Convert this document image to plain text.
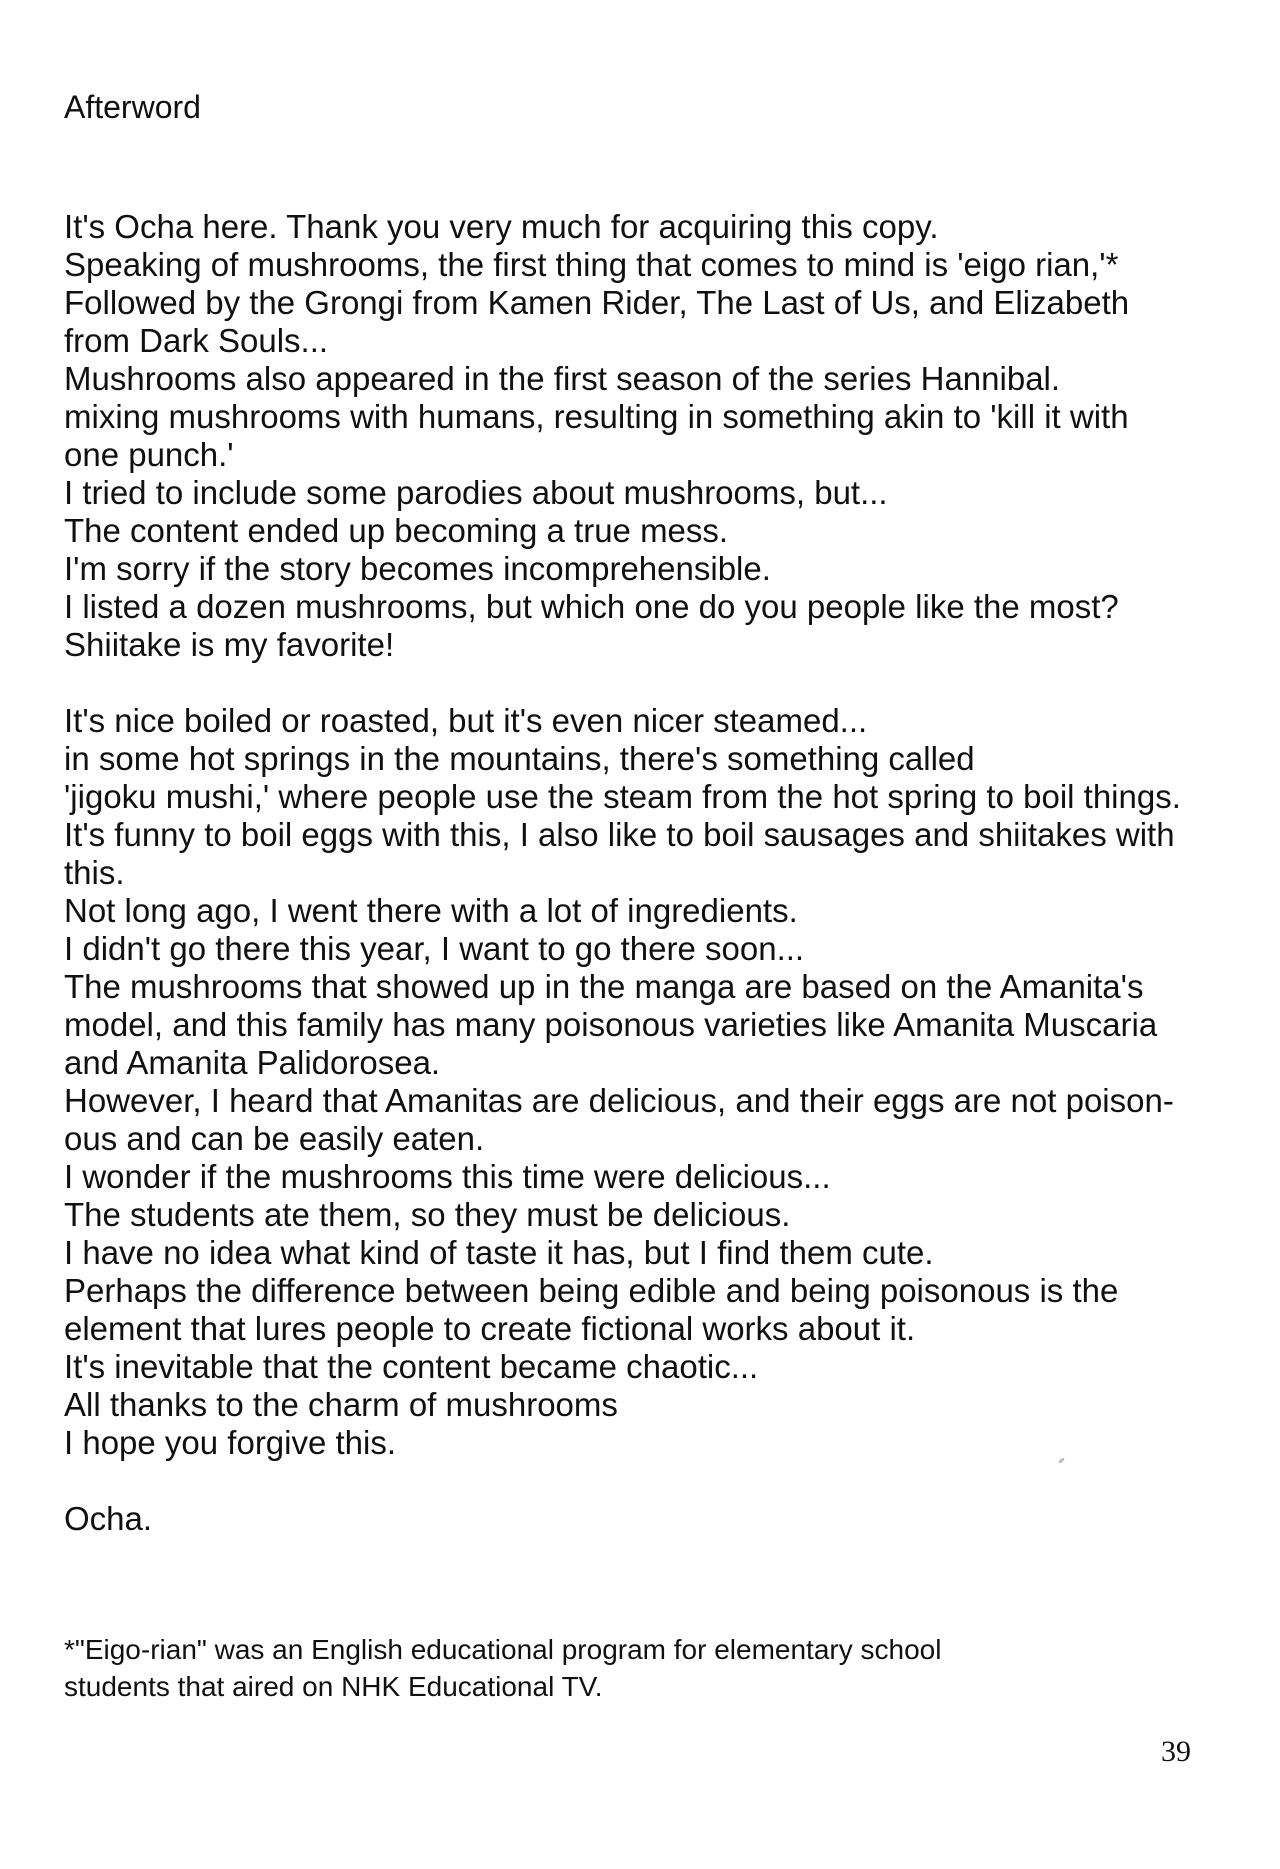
Afterword
It's Ocha here. Thank you very much for acquiring this copy.
Speaking of mushrooms, the first thing that comes to mind is 'eigo rian,'*
Followed by the Grongi from Kamen Rider, The Last of Us, and Elizabeth
from Dark Souls...
Mushrooms also appeared in the first season of the series Hannibal.
mixing mushrooms with humans, resulting in something akin to 'kill it with
one punch.'
I tried to include some parodies about mushrooms, but...
The content ended up becoming a true mess.
I'm sorry if the story becomes incomprehensible.
I listed a dozen mushrooms, but which one do you people like the most?
Shiitake is my favorite!
It's nice boiled or roasted, but it's even nicer steamed...
in some hot springs in the mountains, there's something called
'jigoku mushi,' where people use the steam from the hot spring to boil things.
It's funny to boil eggs with this, I also like to boil sausages and shiitakes with
this.
Not long ago, I went there with a lot of ingredients.
I didn't go there this year, I want to go there soon...
The mushrooms that showed up in the manga are based on the Amanita's
model, and this family has many poisonous varieties like Amanita Muscaria
and Amanita Palidorosea.
However, I heard that Amanitas are delicious, and their eggs are not poison-
ous and can be easily eaten.
I wonder if the mushrooms this time were delicious...
The students ate them, so they must be delicious.
I have no idea what kind of taste it has, but I find them cute.
Perhaps the difference between being edible and being poisonous is the
element that lures people to create fictional works about it.
It's inevitable that the content became chaotic...
All thanks to the charm of mushrooms
I hope you forgive this.
Ocha.
*"Eigo-rian" was an English educational program for elementary school
students that aired on NHK Educational TV.
39
